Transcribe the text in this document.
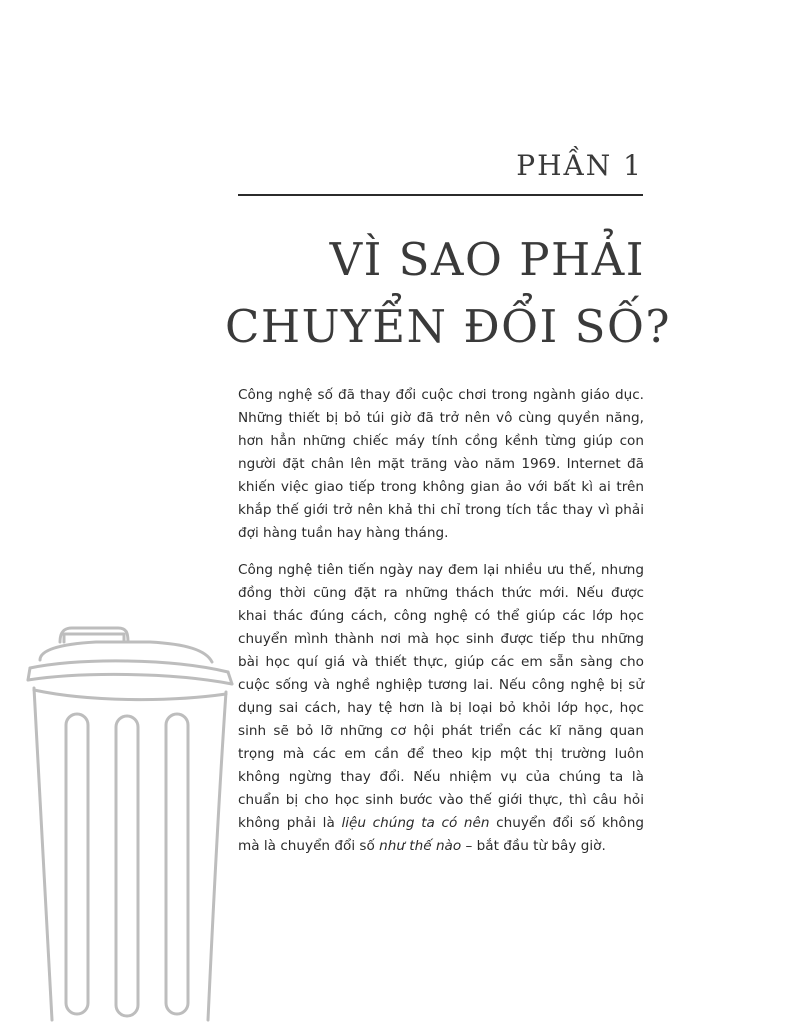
PHẦN 1
VÌ SAO PHẢI
CHUYỂN ĐỔI SỐ?

Công nghệ số đã thay đổi cuộc chơi trong ngành giáo dục. Những thiết bị bỏ túi giờ đã trở nên vô cùng quyền năng, hơn hẳn những chiếc máy tính cồng kềnh từng giúp con người đặt chân lên mặt trăng vào năm 1969. Internet đã khiến việc giao tiếp trong không gian ảo với bất kì ai trên khắp thế giới trở nên khả thi chỉ trong tích tắc thay vì phải đợi hàng tuần hay hàng tháng.

Công nghệ tiên tiến ngày nay đem lại nhiều ưu thế, nhưng đồng thời cũng đặt ra những thách thức mới. Nếu được khai thác đúng cách, công nghệ có thể giúp các lớp học chuyển mình thành nơi mà học sinh được tiếp thu những bài học quí giá và thiết thực, giúp các em sẵn sàng cho cuộc sống và nghề nghiệp tương lai. Nếu công nghệ bị sử dụng sai cách, hay tệ hơn là bị loại bỏ khỏi lớp học, học sinh sẽ bỏ lỡ những cơ hội phát triển các kĩ năng quan trọng mà các em cần để theo kịp một thị trường luôn không ngừng thay đổi. Nếu nhiệm vụ của chúng ta là chuẩn bị cho học sinh bước vào thế giới thực, thì câu hỏi không phải là liệu chúng ta có nên chuyển đổi số không mà là chuyển đổi số như thế nào – bắt đầu từ bây giờ.
